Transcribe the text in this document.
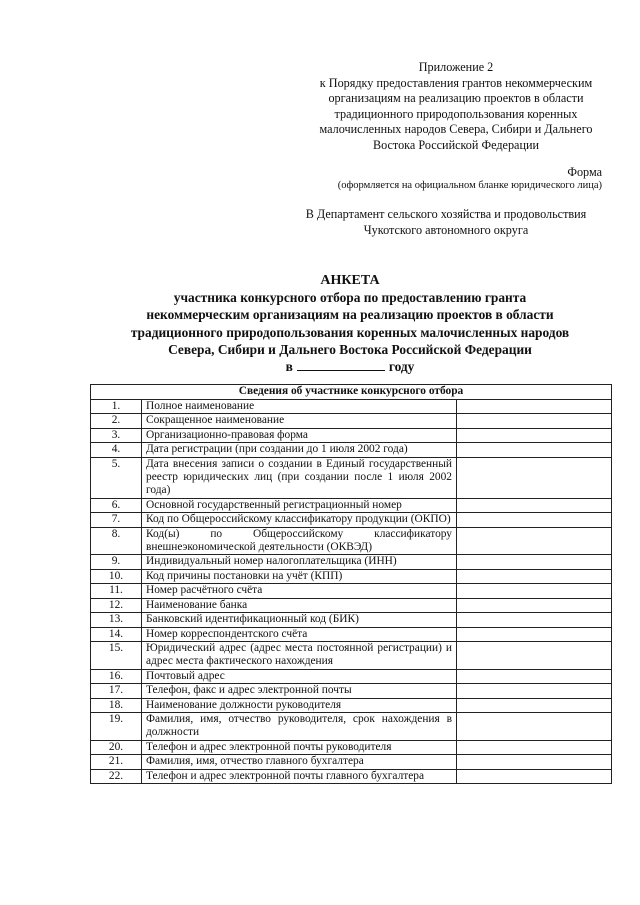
Приложение 2
к Порядку предоставления грантов некоммерческим
организациям на реализацию проектов в области
традиционного природопользования коренных
малочисленных народов Севера, Сибири и Дальнего
Востока Российской Федерации
Форма
(оформляется на официальном бланке юридического лица)
В Департамент сельского хозяйства и продовольствия
Чукотского автономного округа
АНКЕТА
участника конкурсного отбора по предоставлению гранта
некоммерческим организациям на реализацию проектов в области
традиционного природопользования коренных малочисленных народов
Севера, Сибири и Дальнего Востока Российской Федерации
в	году
Сведения об участнике конкурсного отбора		
1.	Полное наименование	
2.	Сокращенное наименование	
3.	Организационно-правовая форма	
4.	Дата регистрации (при создании до 1 июля 2002 года)	
5.	Дата внесения записи о создании в Единый государственный реестр юридических лиц (при создании после 1 июля 2002 года)	
6.	Основной государственный регистрационный номер	
7.	Код по Общероссийскому классификатору продукции (ОКПО)	
8.	Код(ы) по Общероссийскому классификатору внешнеэкономической деятельности (ОКВЭД)	
9.	Индивидуальный номер налогоплательщика (ИНН)	
10.	Код причины постановки на учёт (КПП)	
11.	Номер расчётного счёта	
12.	Наименование банка	
13.	Банковский идентификационный код (БИК)	
14.	Номер корреспондентского счёта	
15.	Юридический адрес (адрес места постоянной регистрации) и адрес места фактического нахождения	
16.	Почтовый адрес	
17.	Телефон, факс и адрес электронной почты	
18.	Наименование должности руководителя	
19.	Фамилия, имя, отчество руководителя, срок нахождения в должности	
20.	Телефон и адрес электронной почты руководителя	
21.	Фамилия, имя, отчество главного бухгалтера	
22.	Телефон и адрес электронной почты главного бухгалтера	
